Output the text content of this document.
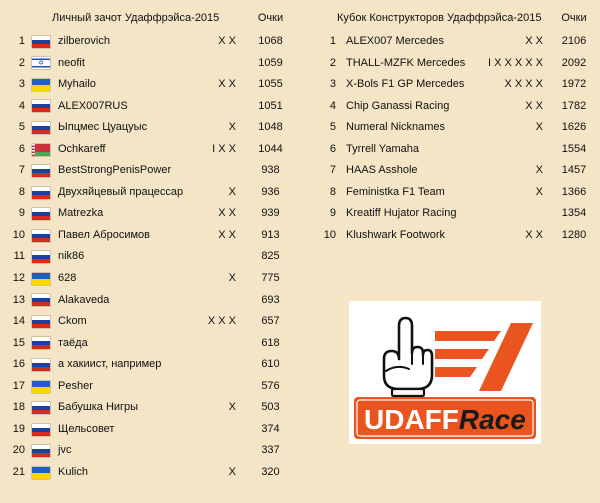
Личный зачот Удаффрэйса-2015	Очки	Кубок Конструкторов Удаффрэйса-2015	Очки
1	zilberovich	X X	1068
2
✡	neofit	1059
3	Myhailo	X X	1055
4	ALEX007RUS	1051
5	Ыпцмес Цуацуыс	X	1048
6	Ochkareff	I X X	1044
7	BestStrongPenisPower	938
8	Двухяйцевый працессар	X	936
9	Matrezka	X X	939
10	Павел Абросимов	X X	913
11	nik86	825
12	628	X	775
13	Alakaveda	693
14	Ckom	X X X	657
15	таёда	618
16	а хакиист, например	610
17	Pesher	576
18	Бабушка Нигры	X	503
19	Щельсовет	374
20	jvc	337
21	Kulich	X	320
1 ALEX007 Mercedes	X X	2106
2 THALL-MZFK Mercedes	I X X X X X	2092
3 X-Bols F1 GP Mercedes	X X X X	1972
4 Chip Ganassi Racing	X X	1782
5 Numeral Nicknames	X	1626
6 Tyrrell Yamaha	1554
7 HAAS Asshole	X	1457
8 Feministka F1 Team	X	1366
9 Kreatiff Hujator Racing	1354
10 Klushwark Footwork	X X	1280
UDAFFRace
